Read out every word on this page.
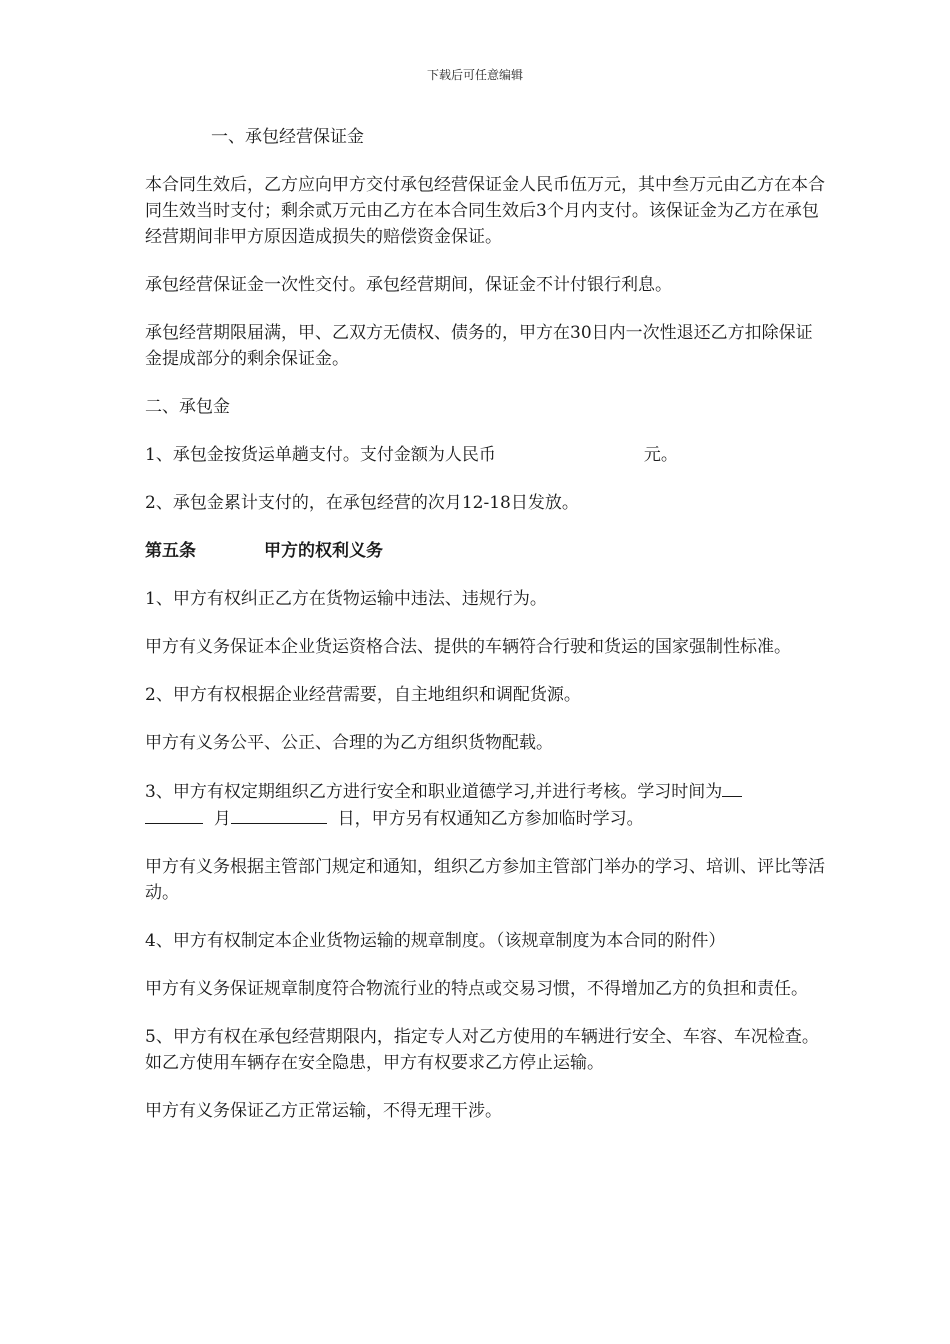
下载后可任意编辑

一、承包经营保证金

本合同生效后，乙方应向甲方交付承包经营保证金人民币伍万元，其中叁万元由乙方在本合同生效当时支付；剩余贰万元由乙方在本合同生效后3个月内支付。该保证金为乙方在承包经营期间非甲方原因造成损失的赔偿资金保证。

承包经营保证金一次性交付。承包经营期间，保证金不计付银行利息。

承包经营期限届满，甲、乙双方无债权、债务的，甲方在30日内一次性退还乙方扣除保证金提成部分的剩余保证金。

二、承包金

1、承包金按货运单趟支付。支付金额为人民币	元。

2、承包金累计支付的，在承包经营的次月12-18日发放。

第五条	甲方的权利义务

1、甲方有权纠正乙方在货物运输中违法、违规行为。

甲方有义务保证本企业货运资格合法、提供的车辆符合行驶和货运的国家强制性标准。

2、甲方有权根据企业经营需要，自主地组织和调配货源。

甲方有义务公平、公正、合理的为乙方组织货物配载。

3、甲方有权定期组织乙方进行安全和职业道德学习,并进行考核。学习时间为
月	日，甲方另有权通知乙方参加临时学习。

甲方有义务根据主管部门规定和通知，组织乙方参加主管部门举办的学习、培训、评比等活动。

4、甲方有权制定本企业货物运输的规章制度。（该规章制度为本合同的附件）

甲方有义务保证规章制度符合物流行业的特点或交易习惯，不得增加乙方的负担和责任。

5、甲方有权在承包经营期限内，指定专人对乙方使用的车辆进行安全、车容、车况检查。如乙方使用车辆存在安全隐患，甲方有权要求乙方停止运输。

甲方有义务保证乙方正常运输，不得无理干涉。
